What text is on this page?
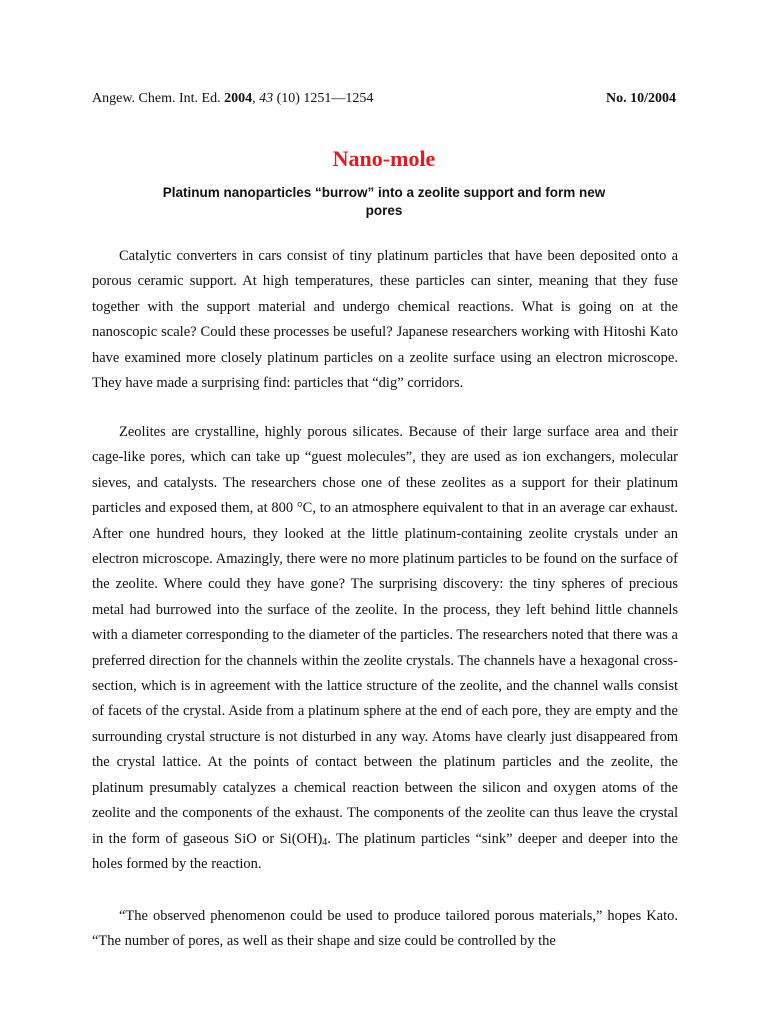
Angew. Chem. Int. Ed. 2004, 43 (10) 1251—1254	No. 10/2004
Nano-mole
Platinum nanoparticles “burrow” into a zeolite support and form new pores

Catalytic converters in cars consist of tiny platinum particles that have been deposited onto a porous ceramic support. At high temperatures, these particles can sinter, meaning that they fuse together with the support material and undergo chemical reactions. What is going on at the nanoscopic scale? Could these processes be useful? Japanese researchers working with Hitoshi Kato have examined more closely platinum particles on a zeolite surface using an electron microscope. They have made a surprising find: particles that “dig” corridors.

Zeolites are crystalline, highly porous silicates. Because of their large surface area and their cage-like pores, which can take up “guest molecules”, they are used as ion exchangers, molecular sieves, and catalysts. The researchers chose one of these zeolites as a support for their platinum particles and exposed them, at 800 °C, to an atmosphere equivalent to that in an average car exhaust. After one hundred hours, they looked at the little platinum-containing zeolite crystals under an electron microscope. Amazingly, there were no more platinum particles to be found on the surface of the zeolite. Where could they have gone? The surprising discovery: the tiny spheres of precious metal had burrowed into the surface of the zeolite. In the process, they left behind little channels with a diameter corresponding to the diameter of the particles. The researchers noted that there was a preferred direction for the channels within the zeolite crystals. The channels have a hexagonal cross-section, which is in agreement with the lattice structure of the zeolite, and the channel walls consist of facets of the crystal. Aside from a platinum sphere at the end of each pore, they are empty and the surrounding crystal structure is not disturbed in any way. Atoms have clearly just disappeared from the crystal lattice. At the points of contact between the platinum particles and the zeolite, the platinum presumably catalyzes a chemical reaction between the silicon and oxygen atoms of the zeolite and the components of the exhaust. The components of the zeolite can thus leave the crystal in the form of gaseous SiO or $Si(OH)_4$. The platinum particles “sink” deeper and deeper into the holes formed by the reaction.

“The observed phenomenon could be used to produce tailored porous materials,” hopes Kato. “The number of pores, as well as their shape and size could be controlled by the
